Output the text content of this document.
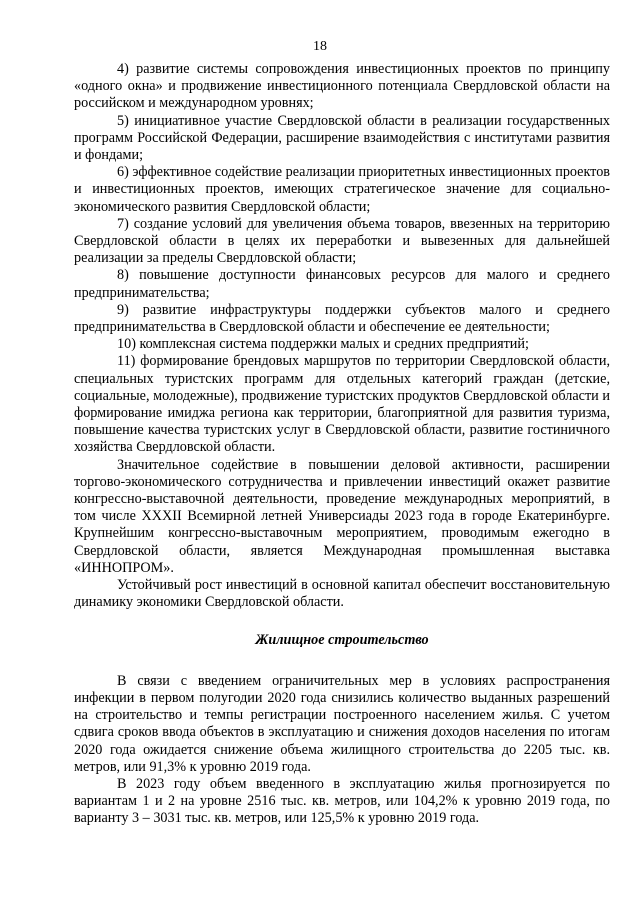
18

4) развитие системы сопровождения инвестиционных проектов по принципу «одного окна» и продвижение инвестиционного потенциала Свердловской области на российском и международном уровнях;

5) инициативное участие Свердловской области в реализации государственных программ Российской Федерации, расширение взаимодействия с институтами развития и фондами;

6) эффективное содействие реализации приоритетных инвестиционных проектов и инвестиционных проектов, имеющих стратегическое значение для социально-экономического развития Свердловской области;

7) создание условий для увеличения объема товаров, ввезенных на территорию Свердловской области в целях их переработки и вывезенных для дальнейшей реализации за пределы Свердловской области;

8) повышение доступности финансовых ресурсов для малого и среднего предпринимательства;

9) развитие инфраструктуры поддержки субъектов малого и среднего предпринимательства в Свердловской области и обеспечение ее деятельности;

10) комплексная система поддержки малых и средних предприятий;

11) формирование брендовых маршрутов по территории Свердловской области, специальных туристских программ для отдельных категорий граждан (детские, социальные, молодежные), продвижение туристских продуктов Свердловской области и формирование имиджа региона как территории, благоприятной для развития туризма, повышение качества туристских услуг в Свердловской области, развитие гостиничного хозяйства Свердловской области.

Значительное содействие в повышении деловой активности, расширении торгово-экономического сотрудничества и привлечении инвестиций окажет развитие конгрессно-выставочной деятельности, проведение международных мероприятий, в том числе XXXII Всемирной летней Универсиады 2023 года в городе Екатеринбурге. Крупнейшим конгрессно-выставочным мероприятием, проводимым ежегодно в Свердловской области, является Международная промышленная выставка «ИННОПРОМ».

Устойчивый рост инвестиций в основной капитал обеспечит восстановительную динамику экономики Свердловской области.

Жилищное строительство

В связи с введением ограничительных мер в условиях распространения инфекции в первом полугодии 2020 года снизились количество выданных разрешений на строительство и темпы регистрации построенного населением жилья. С учетом сдвига сроков ввода объектов в эксплуатацию и снижения доходов населения по итогам 2020 года ожидается снижение объема жилищного строительства до 2205 тыс. кв. метров, или 91,3% к уровню 2019 года.

В 2023 году объем введенного в эксплуатацию жилья прогнозируется по вариантам 1 и 2 на уровне 2516 тыс. кв. метров, или 104,2% к уровню 2019 года, по варианту 3 – 3031 тыс. кв. метров, или 125,5% к уровню 2019 года.
